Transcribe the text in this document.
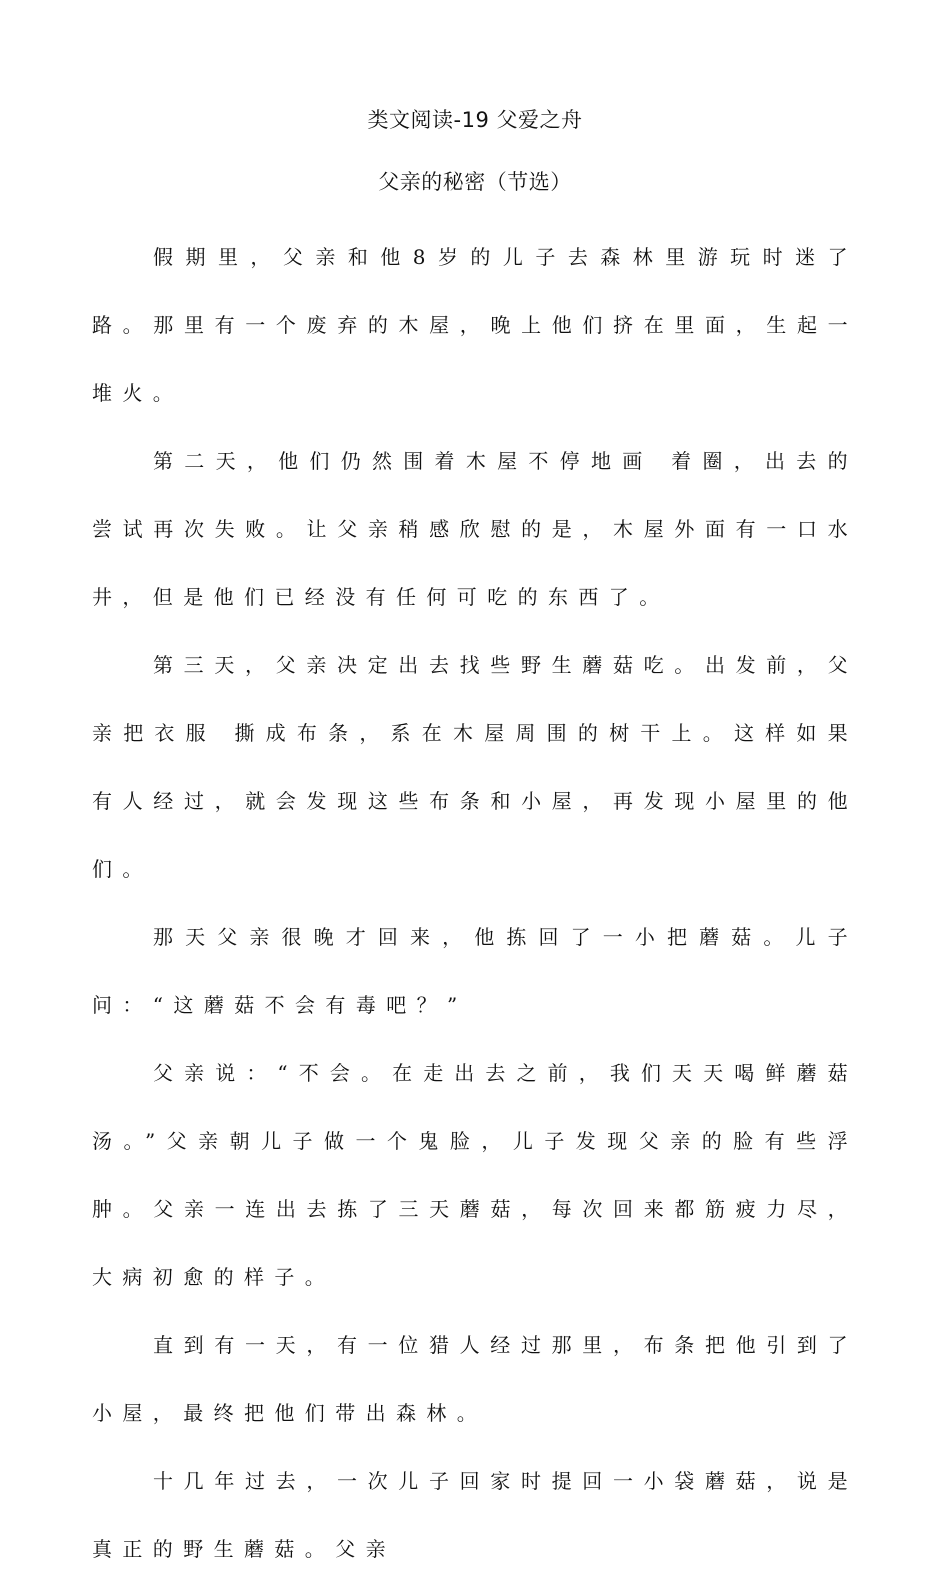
类文阅读-19 父爱之舟
父亲的秘密（节选）

假期里，父亲和他8岁的儿子去森林里游玩时迷了路。那里有一个废弃的木屋，晚上他们挤在里面，生起一堆火。

第二天，他们仍然围着木屋不停地画 着圈，出去的尝试再次失败。让父亲稍感欣慰的是，木屋外面有一口水井，但是他们已经没有任何可吃的东西了。

第三天，父亲决定出去找些野生蘑菇吃。出发前，父亲把衣服 撕成布条，系在木屋周围的树干上。这样如果有人经过，就会发现这些布条和小屋，再发现小屋里的他们。

那天父亲很晚才回来，他拣回了一小把蘑菇。儿子问：“这蘑菇不会有毒吧？”

父亲说：“不会。在走出去之前，我们天天喝鲜蘑菇汤。”父亲朝儿子做一个鬼脸，儿子发现父亲的脸有些浮肿。父亲一连出去拣了三天蘑菇，每次回来都筋疲力尽，大病初愈的样子。

直到有一天，有一位猎人经过那里，布条把他引到了小屋，最终把他们带出森林。

十几年过去，一次儿子回家时提回一小袋蘑菇，说是真正的野生蘑菇。父亲
